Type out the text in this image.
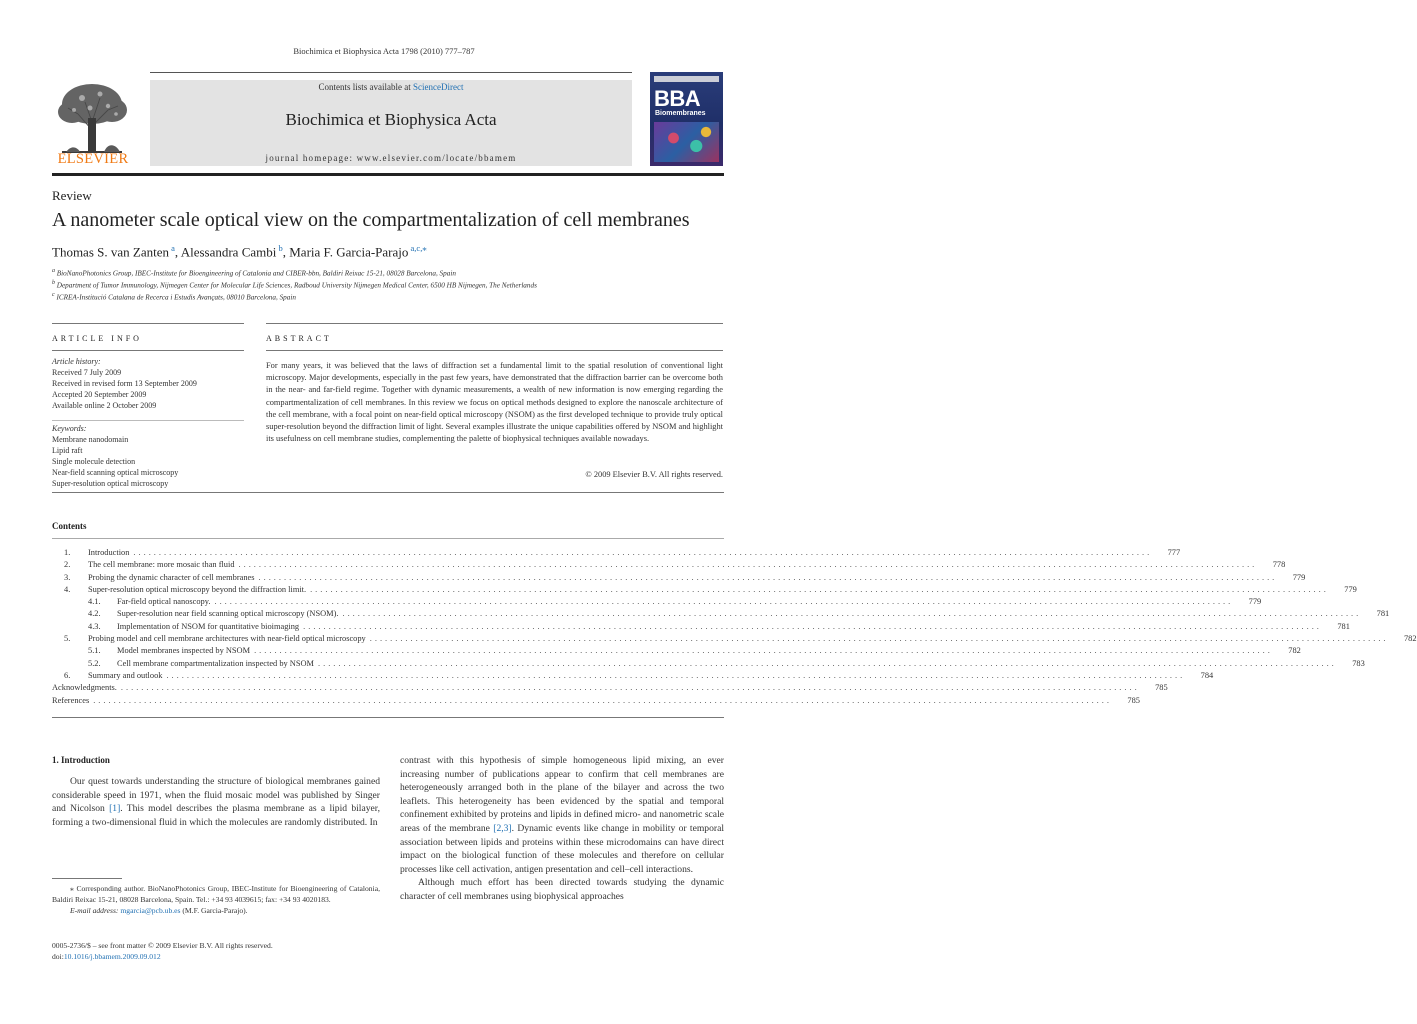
Biochimica et Biophysica Acta 1798 (2010) 777–787
Contents lists available at ScienceDirect
Biochimica et Biophysica Acta
journal homepage: www.elsevier.com/locate/bbamem
ELSEVIER
BBA
Biomembranes
Review
A nanometer scale optical view on the compartmentalization of cell membranes
Thomas S. van Zanten $^a$, Alessandra Cambi $^b$, Maria F. Garcia-Parajo $^{a,c,⁎}$
$^a$ BioNanoPhotonics Group, IBEC-Institute for Bioengineering of Catalonia and CIBER-bbn, Baldiri Reixac 15-21, 08028 Barcelona, Spain
$^b$ Department of Tumor Immunology, Nijmegen Center for Molecular Life Sciences, Radboud University Nijmegen Medical Center, 6500 HB Nijmegen, The Netherlands
$^c$ ICREA-Institució Catalana de Recerca i Estudis Avançats, 08010 Barcelona, Spain
ARTICLE INFO
Article history:
Received 7 July 2009
Received in revised form 13 September 2009
Accepted 20 September 2009
Available online 2 October 2009
Keywords:
Membrane nanodomain
Lipid raft
Single molecule detection
Near-field scanning optical microscopy
Super-resolution optical microscopy
ABSTRACT
For many years, it was believed that the laws of diffraction set a fundamental limit to the spatial resolution of conventional light microscopy. Major developments, especially in the past few years, have demonstrated that the diffraction barrier can be overcome both in the near- and far-field regime. Together with dynamic measurements, a wealth of new information is now emerging regarding the compartmentalization of cell membranes. In this review we focus on optical methods designed to explore the nanoscale architecture of the cell membrane, with a focal point on near-field optical microscopy (NSOM) as the first developed technique to provide truly optical super-resolution beyond the diffraction limit of light. Several examples illustrate the unique capabilities offered by NSOM and highlight its usefulness on cell membrane studies, complementing the palette of biophysical techniques available nowadays.
© 2009 Elsevier B.V. All rights reserved.
Contents
1.	Introduction ........................................................................................................................................................................................................	777
2.	The cell membrane: more mosaic than fluid ........................................................................................................................................................................................................	778
3.	Probing the dynamic character of cell membranes ........................................................................................................................................................................................................	779
4.	Super-resolution optical microscopy beyond the diffraction limit. ........................................................................................................................................................................................................	779
4.1.	Far-field optical nanoscopy. ........................................................................................................................................................................................................	779
4.2.	Super-resolution near field scanning optical microscopy (NSOM). ........................................................................................................................................................................................................	781
4.3.	Implementation of NSOM for quantitative bioimaging ........................................................................................................................................................................................................	781
5.	Probing model and cell membrane architectures with near-field optical microscopy ........................................................................................................................................................................................................	782
5.1.	Model membranes inspected by NSOM ........................................................................................................................................................................................................	782
5.2.	Cell membrane compartmentalization inspected by NSOM ........................................................................................................................................................................................................	783
6.	Summary and outlook ........................................................................................................................................................................................................	784
Acknowledgments. ........................................................................................................................................................................................................	785
References ........................................................................................................................................................................................................	785
1. Introduction
Our quest towards understanding the structure of biological membranes gained considerable speed in 1971, when the fluid mosaic model was published by Singer and Nicolson [1]. This model describes the plasma membrane as a lipid bilayer, forming a two-dimensional fluid in which the molecules are randomly distributed. In
contrast with this hypothesis of simple homogeneous lipid mixing, an ever increasing number of publications appear to confirm that cell membranes are heterogeneously arranged both in the plane of the bilayer and across the two leaflets. This heterogeneity has been evidenced by the spatial and temporal confinement exhibited by proteins and lipids in defined micro- and nanometric scale areas of the membrane [2,3]. Dynamic events like change in mobility or temporal association between lipids and proteins within these microdomains can have direct impact on the biological function of these molecules and therefore on cellular processes like cell activation, antigen presentation and cell–cell interactions.
Although much effort has been directed towards studying the dynamic character of cell membranes using biophysical approaches
⁎ Corresponding author. BioNanoPhotonics Group, IBEC-Institute for Bioengineering of Catalonia, Baldiri Reixac 15-21, 08028 Barcelona, Spain. Tel.: +34 93 4039615; fax: +34 93 4020183.
E-mail address: mgarcia@pcb.ub.es (M.F. Garcia-Parajo).
0005-2736/$ – see front matter © 2009 Elsevier B.V. All rights reserved.
doi:10.1016/j.bbamem.2009.09.012
